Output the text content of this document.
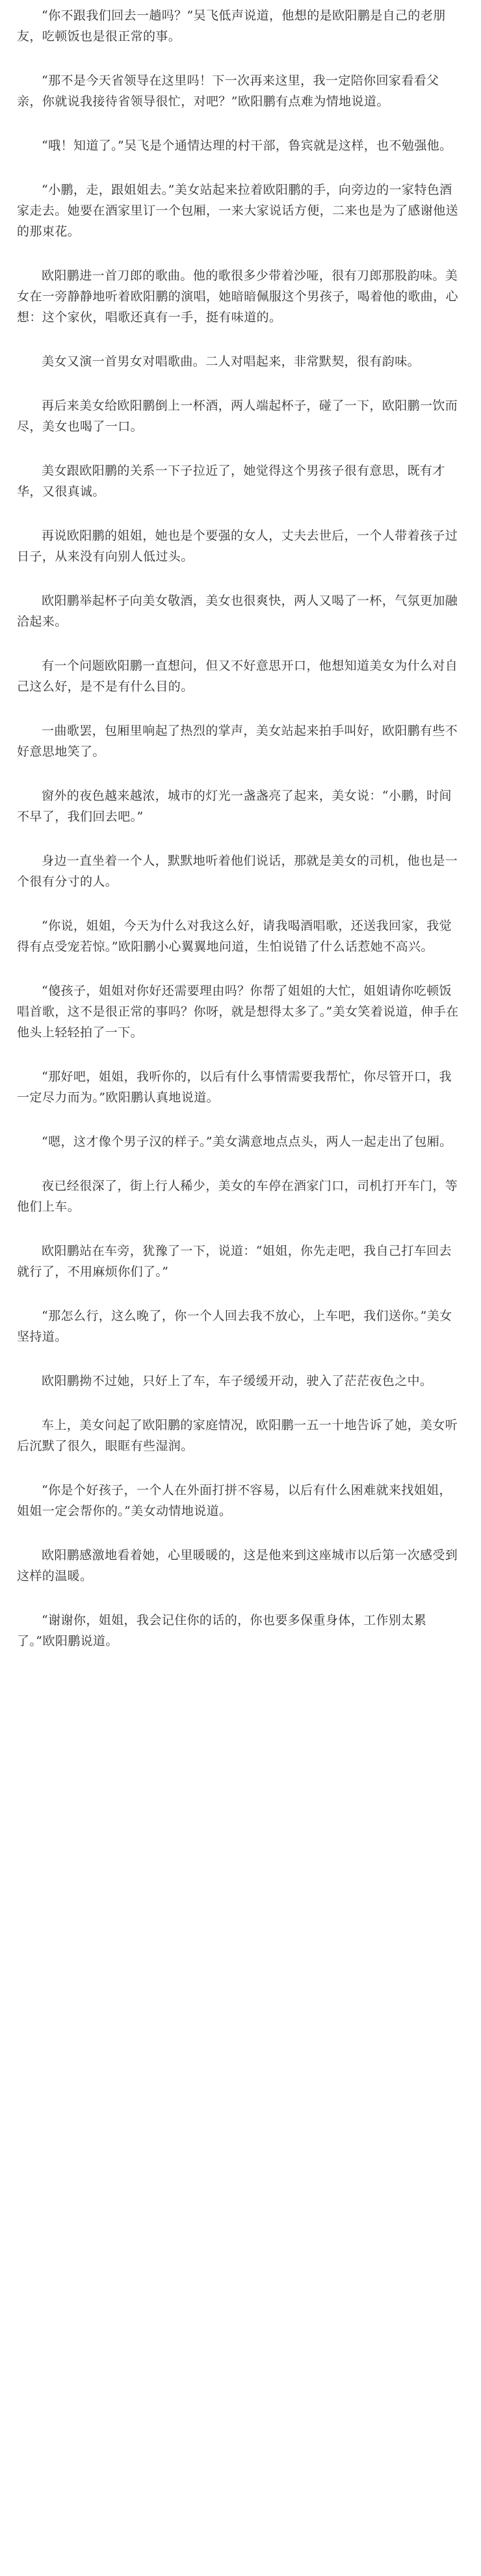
“你不跟我们回去一趟吗？”吴飞低声说道，他想的是欧阳鹏是自己的老朋友，吃顿饭也是很正常的事。

“那不是今天省领导在这里吗！下一次再来这里，我一定陪你回家看看父亲，你就说我接待省领导很忙，对吧？”欧阳鹏有点难为情地说道。

“哦！知道了。”吴飞是个通情达理的村干部，鲁宾就是这样，也不勉强他。

“小鹏，走，跟姐姐去。”美女站起来拉着欧阳鹏的手，向旁边的一家特色酒家走去。她要在酒家里订一个包厢，一来大家说话方便，二来也是为了感谢他送的那束花。

欧阳鹏进一首刀郎的歌曲。他的歌很多少带着沙哑，很有刀郎那股韵味。美女在一旁静静地听着欧阳鹏的演唱，她暗暗佩服这个男孩子，喝着他的歌曲，心想：这个家伙，唱歌还真有一手，挺有味道的。

美女又演一首男女对唱歌曲。二人对唱起来，非常默契，很有韵味。

再后来美女给欧阳鹏倒上一杯酒，两人端起杯子，碰了一下，欧阳鹏一饮而尽，美女也喝了一口。

美女跟欧阳鹏的关系一下子拉近了，她觉得这个男孩子很有意思，既有才华，又很真诚。

再说欧阳鹏的姐姐，她也是个要强的女人，丈夫去世后，一个人带着孩子过日子，从来没有向别人低过头。

欧阳鹏举起杯子向美女敬酒，美女也很爽快，两人又喝了一杯，气氛更加融洽起来。

有一个问题欧阳鹏一直想问，但又不好意思开口，他想知道美女为什么对自己这么好，是不是有什么目的。

一曲歌罢，包厢里响起了热烈的掌声，美女站起来拍手叫好，欧阳鹏有些不好意思地笑了。

窗外的夜色越来越浓，城市的灯光一盏盏亮了起来，美女说：“小鹏，时间不早了，我们回去吧。”

身边一直坐着一个人，默默地听着他们说话，那就是美女的司机，他也是一个很有分寸的人。

“你说，姐姐，今天为什么对我这么好，请我喝酒唱歌，还送我回家，我觉得有点受宠若惊。”欧阳鹏小心翼翼地问道，生怕说错了什么话惹她不高兴。

“傻孩子，姐姐对你好还需要理由吗？你帮了姐姐的大忙，姐姐请你吃顿饭唱首歌，这不是很正常的事吗？你呀，就是想得太多了。”美女笑着说道，伸手在他头上轻轻拍了一下。

“那好吧，姐姐，我听你的，以后有什么事情需要我帮忙，你尽管开口，我一定尽力而为。”欧阳鹏认真地说道。

“嗯，这才像个男子汉的样子。”美女满意地点点头，两人一起走出了包厢。

夜已经很深了，街上行人稀少，美女的车停在酒家门口，司机打开车门，等他们上车。

欧阳鹏站在车旁，犹豫了一下，说道：“姐姐，你先走吧，我自己打车回去就行了，不用麻烦你们了。”

“那怎么行，这么晚了，你一个人回去我不放心，上车吧，我们送你。”美女坚持道。

欧阳鹏拗不过她，只好上了车，车子缓缓开动，驶入了茫茫夜色之中。

车上，美女问起了欧阳鹏的家庭情况，欧阳鹏一五一十地告诉了她，美女听后沉默了很久，眼眶有些湿润。

“你是个好孩子，一个人在外面打拼不容易，以后有什么困难就来找姐姐，姐姐一定会帮你的。”美女动情地说道。

欧阳鹏感激地看着她，心里暖暖的，这是他来到这座城市以后第一次感受到这样的温暖。

“谢谢你，姐姐，我会记住你的话的，你也要多保重身体，工作别太累了。”欧阳鹏说道。
